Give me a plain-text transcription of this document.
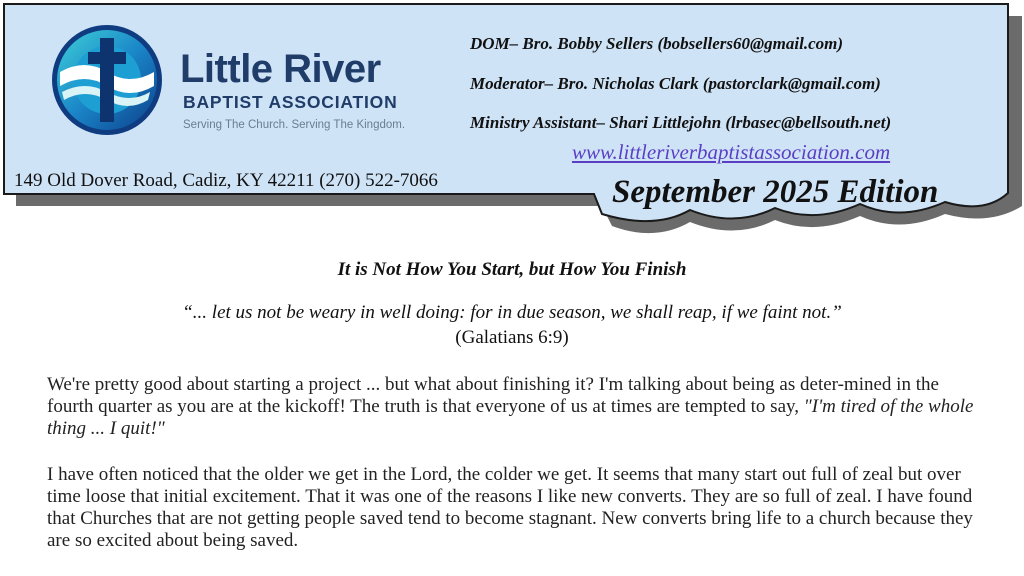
Little River
BAPTIST ASSOCIATION
Serving The Church. Serving The Kingdom.
DOM– Bro. Bobby Sellers (bobsellers60@gmail.com)
Moderator– Bro. Nicholas Clark (pastorclark@gmail.com)
Ministry Assistant– Shari Littlejohn (lrbasec@bellsouth.net)
www.littleriverbaptistassociation.com
149 Old Dover Road, Cadiz, KY 42211 (270) 522-7066	September 2025 Edition
It is Not How You Start, but How You Finish
“... let us not be weary in well doing: for in due season, we shall reap, if we faint not.”
(Galatians 6:9)
We're pretty good about starting a project ... but what about finishing it? I'm talking about being as deter-mined in the fourth quarter as you are at the kickoff! The truth is that everyone of us at times are tempted to say, "I'm tired of the whole thing ... I quit!"
I have often noticed that the older we get in the Lord, the colder we get. It seems that many start out full of zeal but over time loose that initial excitement. That it was one of the reasons I like new converts. They are so full of zeal. I have found that Churches that are not getting people saved tend to become stagnant. New converts bring life to a church because they are so excited about being saved.
